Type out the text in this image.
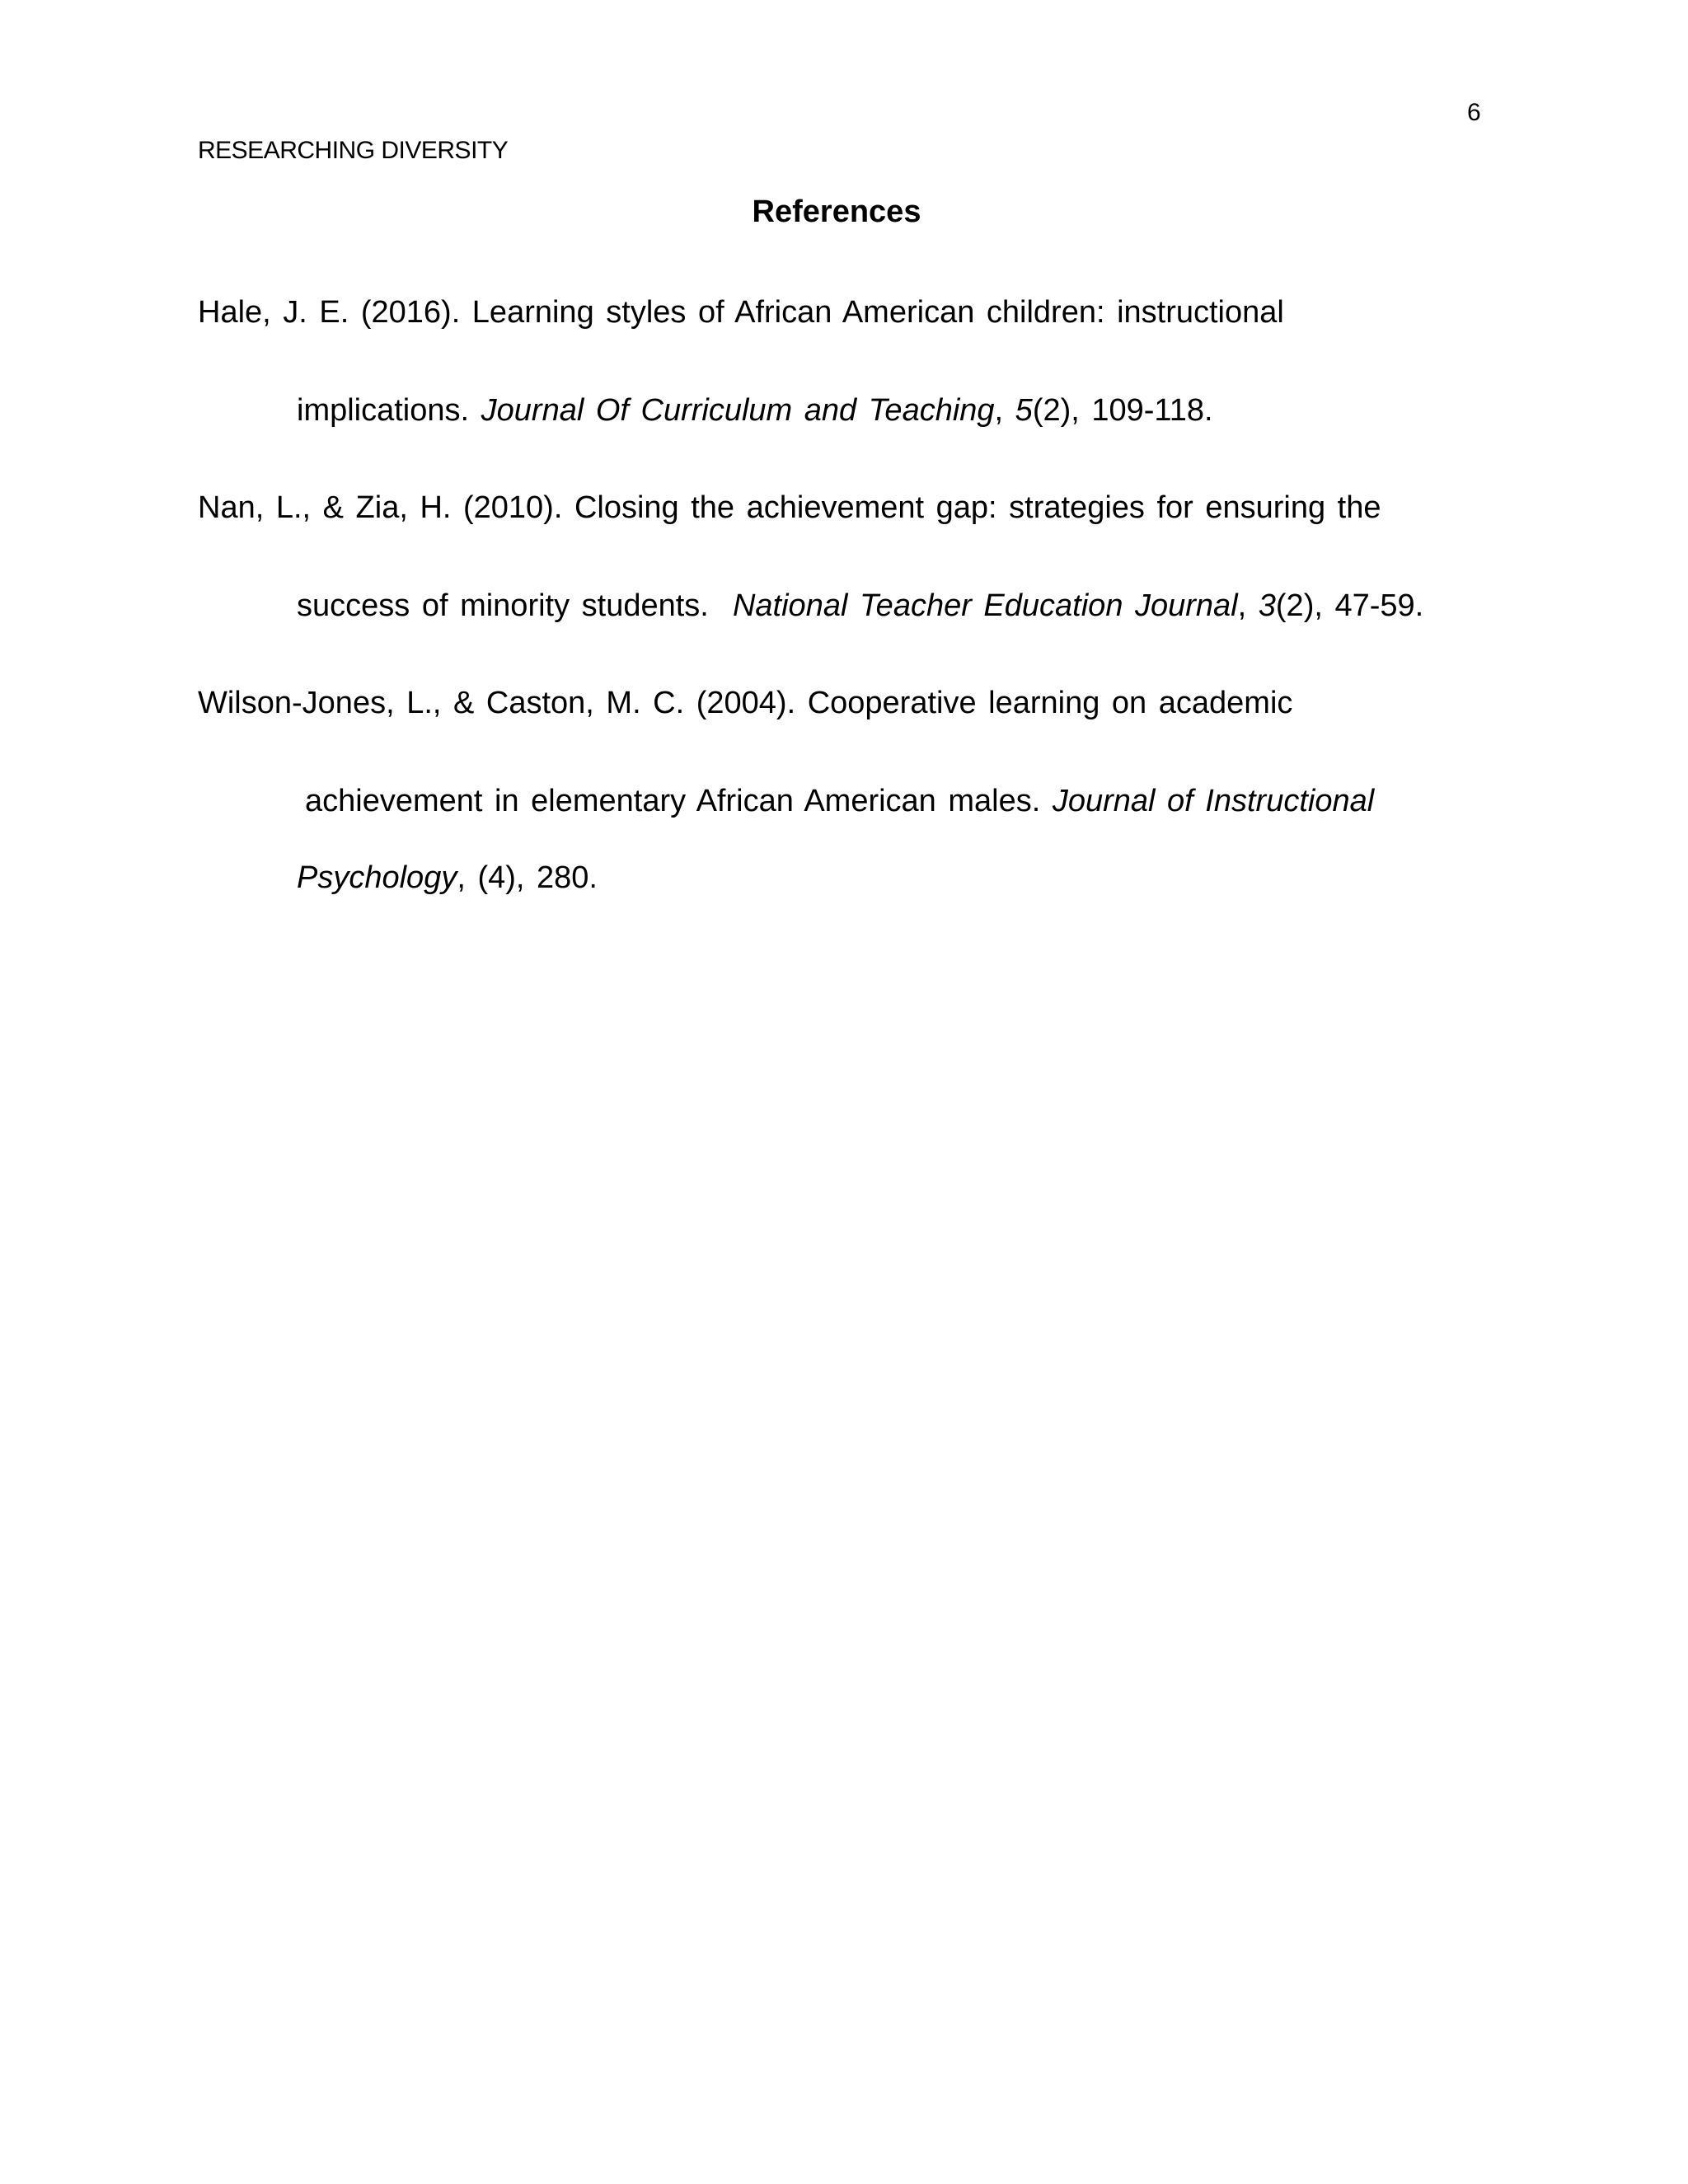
6
RESEARCHING DIVERSITY
References
Hale, J. E. (2016). Learning styles of African American children: instructional
implications. Journal Of Curriculum and Teaching, 5(2), 109-118.
Nan, L., & Zia, H. (2010). Closing the achievement gap: strategies for ensuring the
success of minority students.  National Teacher Education Journal, 3(2), 47-59.
Wilson-Jones, L., & Caston, M. C. (2004). Cooperative learning on academic
achievement in elementary African American males. Journal of Instructional
Psychology, (4), 280.
